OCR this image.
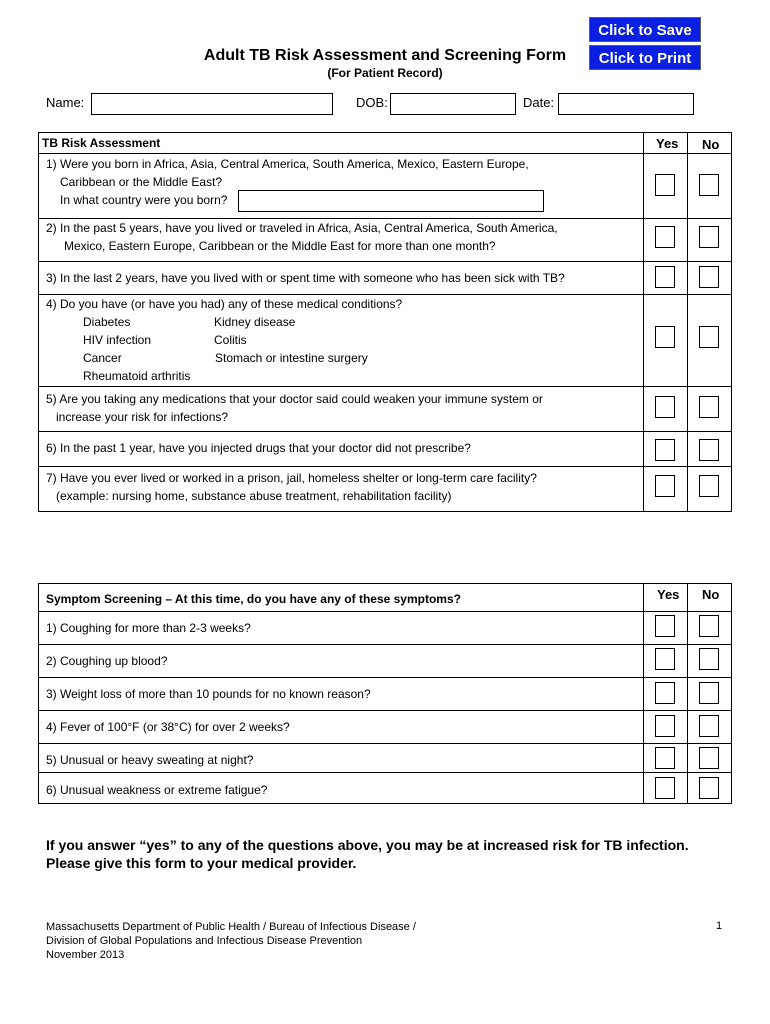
Click to Save
Click to Print
Adult TB Risk Assessment and Screening Form
(For Patient Record)
Name:	DOB:	Date:
TB Risk Assessment	Yes No
1) Were you born in Africa, Asia, Central America, South America, Mexico, Eastern Europe,
Caribbean or the Middle East?
In what country were you born?
2) In the past 5 years, have you lived or traveled in Africa, Asia, Central America, South America,
Mexico, Eastern Europe, Caribbean or the Middle East for more than one month?
3) In the last 2 years, have you lived with or spent time with someone who has been sick with TB?
4) Do you have (or have you had) any of these medical conditions?
Diabetes	Kidney disease
HIV infection	Colitis
Cancer	Stomach or intestine surgery
Rheumatoid arthritis
5) Are you taking any medications that your doctor said could weaken your immune system or
increase your risk for infections?
6) In the past 1 year, have you injected drugs that your doctor did not prescribe?
7) Have you ever lived or worked in a prison, jail, homeless shelter or long-term care facility?
(example: nursing home, substance abuse treatment, rehabilitation facility)
Symptom Screening – At this time, do you have any of these symptoms?	Yes No
1) Coughing for more than 2-3 weeks?
2) Coughing up blood?
3) Weight loss of more than 10 pounds for no known reason?
4) Fever of 100°F (or 38°C) for over 2 weeks?
5) Unusual or heavy sweating at night?
6) Unusual weakness or extreme fatigue?
If you answer “yes” to any of the questions above, you may be at increased risk for TB infection.
Please give this form to your medical provider.
Massachusetts Department of Public Health / Bureau of Infectious Disease /
Division of Global Populations and Infectious Disease Prevention
November 2013
1
